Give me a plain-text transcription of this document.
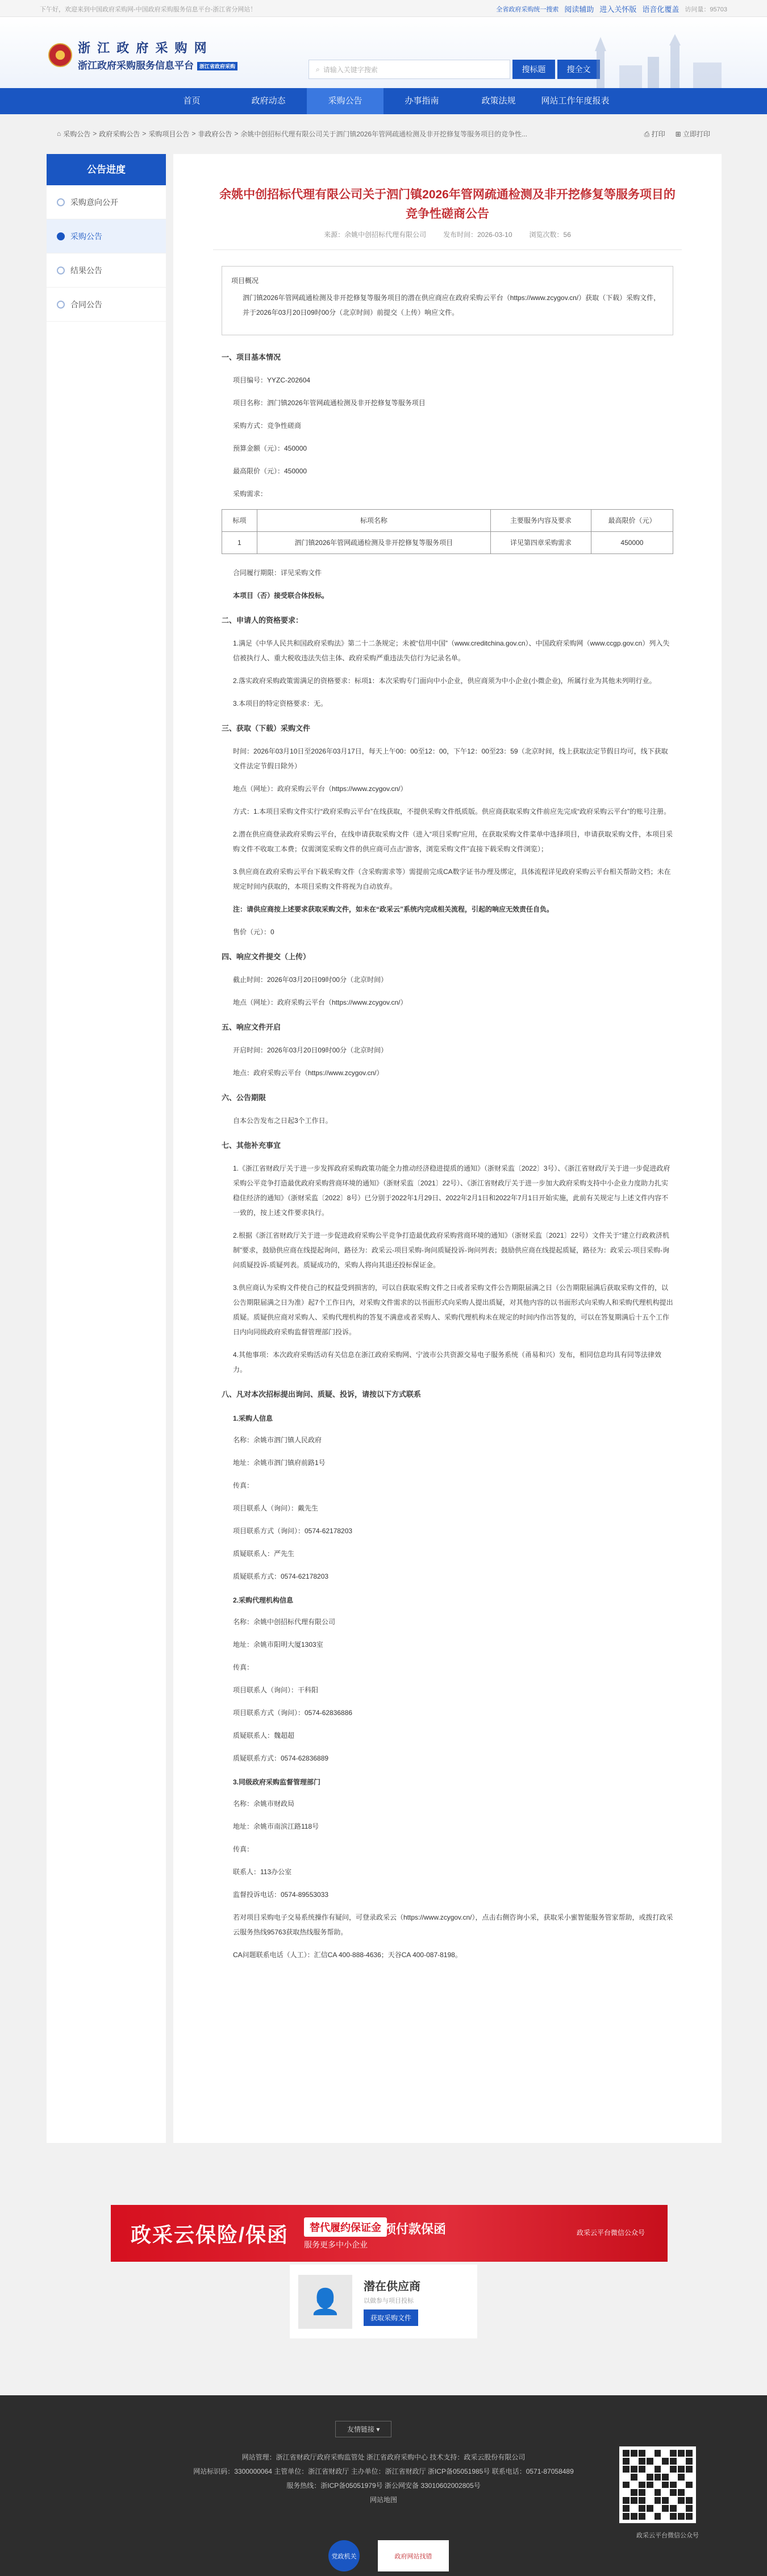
下午好，欢迎来到中国政府采购网-中国政府采购服务信息平台-浙江省分网站！	全省政府采购统一搜索 阅读辅助 进入关怀版 语音化覆盖 访问量：95703
浙 江 政 府 采 购 网
浙江政府采购服务信息平台 浙江省政府采购	⌕ 请输入关键字搜索	搜标题	搜全文
首页	政府动态	采购公告	办事指南	政策法规	网站工作年度报表
⌂ 采购公告 > 政府采购公告 > 采购项目公告 > 非政府公告 > 余姚中创招标代理有限公司关于泗门镇2026年管网疏通检测及非开挖修复等服务项目的竞争性...	⎙ 打印 ⊞ 立即打印
公告进度
采购意向公开
采购公告
结果公告
合同公告
余姚中创招标代理有限公司关于泗门镇2026年管网疏通检测及非开挖修复等服务项目的竞争性磋商公告
来源：余姚中创招标代理有限公司	发布时间：2026-03-10	浏览次数：56

项目概况

泗门镇2026年管网疏通检测及非开挖修复等服务项目的潜在供应商应在政府采购云平台（https://www.zcygov.cn/）获取（下载）采购文件，并于2026年03月20日09时00分（北京时间）前提交（上传）响应文件。

一、项目基本情况

项目编号：YYZC-202604

项目名称：泗门镇2026年管网疏通检测及非开挖修复等服务项目

采购方式：竞争性磋商

预算金额（元）：450000

最高限价（元）：450000

采购需求：

标项	标项名称	主要服务内容及要求	最高限价（元）
1	泗门镇2026年管网疏通检测及非开挖修复等服务项目	详见第四章采购需求	450000

合同履行期限：详见采购文件

本项目（否）接受联合体投标。

二、申请人的资格要求：

1.满足《中华人民共和国政府采购法》第二十二条规定；未被“信用中国”（www.creditchina.gov.cn）、中国政府采购网（www.ccgp.gov.cn）列入失信被执行人、重大税收违法失信主体、政府采购严重违法失信行为记录名单。

2.落实政府采购政策需满足的资格要求：标项1：本次采购专门面向中小企业，供应商须为中小企业(小微企业)，所属行业为其他未列明行业。

3.本项目的特定资格要求：无。

三、获取（下载）采购文件

时间：2026年03月10日至2026年03月17日，每天上午00：00至12：00，下午12：00至23：59（北京时间，线上获取法定节假日均可，线下获取文件法定节假日除外）

地点（网址）：政府采购云平台（https://www.zcygov.cn/）

方式：1.本项目采购文件实行“政府采购云平台”在线获取，不提供采购文件纸质版。供应商获取采购文件前应先完成“政府采购云平台”的账号注册。

2.潜在供应商登录政府采购云平台，在线申请获取采购文件（进入“项目采购”应用，在获取采购文件菜单中选择项目，申请获取采购文件，本项目采购文件不收取工本费；仅需浏览采购文件的供应商可点击“游客，浏览采购文件”直接下载采购文件浏览）；

3.供应商在政府采购云平台下载采购文件（含采购需求等）需提前完成CA数字证书办理及绑定，具体流程详见政府采购云平台相关帮助文档；未在规定时间内获取的，本项目采购文件将视为自动放弃。

注：请供应商按上述要求获取采购文件，如未在“政采云”系统内完成相关流程，引起的响应无效责任自负。

售价（元）：0

四、响应文件提交（上传）

截止时间：2026年03月20日09时00分（北京时间）

地点（网址）：政府采购云平台（https://www.zcygov.cn/）

五、响应文件开启

开启时间：2026年03月20日09时00分（北京时间）

地点：政府采购云平台（https://www.zcygov.cn/）

六、公告期限

自本公告发布之日起3个工作日。

七、其他补充事宜

1.《浙江省财政厅关于进一步发挥政府采购政策功能全力推动经济稳进提质的通知》（浙财采监〔2022〕3号）、《浙江省财政厅关于进一步促进政府采购公平竞争打造最优政府采购营商环境的通知》（浙财采监〔2021〕22号）、《浙江省财政厅关于进一步加大政府采购支持中小企业力度助力扎实稳住经济的通知》（浙财采监〔2022〕8号）已分别于2022年1月29日、2022年2月1日和2022年7月1日开始实施，此前有关规定与上述文件内容不一致的，按上述文件要求执行。

2.根据《浙江省财政厅关于进一步促进政府采购公平竞争打造最优政府采购营商环境的通知》（浙财采监〔2021〕22号）文件关于“建立行政救济机制”要求，鼓励供应商在线提起询问，路径为：政采云-项目采购-询问质疑投诉-询问列表；鼓励供应商在线提起质疑，路径为：政采云-项目采购-询问质疑投诉-质疑列表。质疑成功的，采购人将向其退还投标保证金。

3.供应商认为采购文件使自己的权益受到损害的，可以自获取采购文件之日或者采购文件公告期限届满之日（公告期限届满后获取采购文件的，以公告期限届满之日为准）起7个工作日内，对采购文件需求的以书面形式向采购人提出质疑，对其他内容的以书面形式向采购人和采购代理机构提出质疑。质疑供应商对采购人、采购代理机构的答复不满意或者采购人、采购代理机构未在规定的时间内作出答复的，可以在答复期满后十五个工作日内向同级政府采购监督管理部门投诉。

4.其他事项：本次政府采购活动有关信息在浙江政府采购网、宁波市公共资源交易电子服务系统（甬易和兴）发布，相同信息均具有同等法律效力。

八、凡对本次招标提出询问、质疑、投诉，请按以下方式联系
1.采购人信息

名称：余姚市泗门镇人民政府

地址：余姚市泗门镇府前路1号

传真：

项目联系人（询问）：戴先生

项目联系方式（询问）：0574-62178203

质疑联系人：严先生

质疑联系方式：0574-62178203

2.采购代理机构信息

名称：余姚中创招标代理有限公司

地址：余姚市阳明大厦1303室

传真：

项目联系人（询问）：干科阳

项目联系方式（询问）：0574-62836886

质疑联系人：魏超超

质疑联系方式：0574-62836889

3.同级政府采购监督管理部门

名称：余姚市财政局

地址：余姚市南滨江路118号

传真：

联系人：113办公室

监督投诉电话：0574-89553033

若对项目采购电子交易系统操作有疑问，可登录政采云（https://www.zcygov.cn/），点击右侧咨询小采，获取采小蜜智能服务管家帮助，或拨打政采云服务热线95763获取热线服务帮助。

CA问题联系电话（人工）：汇信CA 400-888-4636；天谷CA 400-087-8198。

政采云保险/保函	替代履约保证金 预付款保函
服务更多中小企业
政采云平台微信公众号
👤
潜在供应商
以做参与项目投标
获取采购文件
友情链接 ▾
网站管理：浙江省财政厅政府采购监管处 浙江省政府采购中心 技术支持：政采云股份有限公司
网站标识码：3300000064 主管单位：浙江省财政厅 主办单位：浙江省财政厅 浙ICP备05051985号 联系电话：0571-87058489
服务热线：浙ICP备05051979号 浙公网安备 33010602002805号
网站地图
政采云平台微信公众号
党政机关	政府网站找错
